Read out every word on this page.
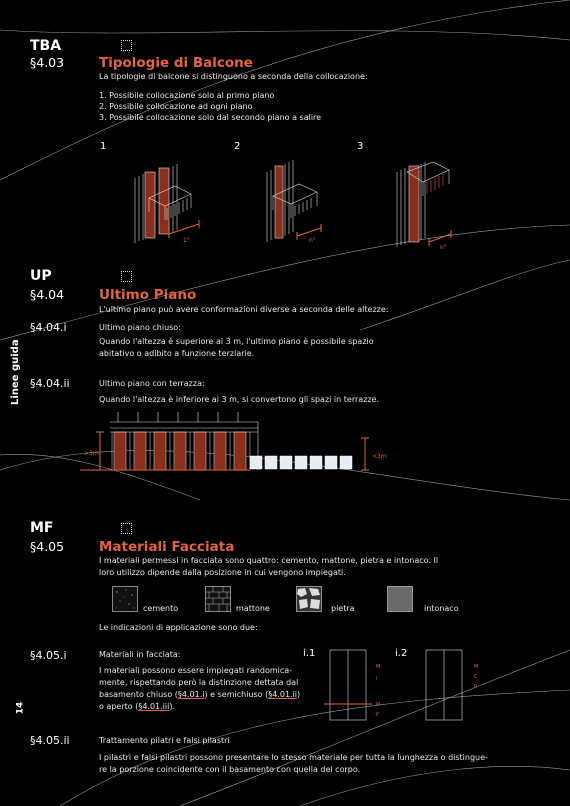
Linee guida
14
TBA
§4.03	Tipologie di Balcone
La tipologie di balcone si distinguono a seconda della collocazione:
1. Possibile collocazione solo al primo piano
2. Possibile collocazione ad ogni piano
3. Possibile collocazione solo dal secondo piano a salire
1	2	3
1°	n°
n°
UP
§4.04	Ultimo Piano
L'ultimo piano può avere conformazioni diverse a seconda delle altezze:
§4.04.i	Ultimo piano chiuso:
Quando l'altezza è superiore ai 3 m, l'ultimo piano è possibile spazio
abitativo o adibito a funzione terziarie.
§4.04.ii	Ultimo piano con terrazza:
Quando l'altezza è inferiore ai 3 m, si convertono gli spazi in terrazze.
>3m	<3m
MF
§4.05	Materiali Facciata
I materiali permessi in facciata sono quattro: cemento, mattone, pietra e intonaco. Il
loro utilizzo dipende dalla posizione in cui vengono impiegati.
cemento	mattone	pietra	intonaco
Le indicazioni di applicazione sono due:
§4.05.i	Materiali in facciata:
I materiali possono essere impiegati randomica-
mente, rispettando però la distinzione dettata dal
basamento chiuso (§4.01.i) e semichiuso (§4.01.ii)
o aperto (§4.01.iii).
i.1	i.2
M
I
M
P
M
C
P
§4.05.ii	Trattamento pilatri e falsi pilastri
I pilastri e falsi pilastri possono presentare lo stesso materiale per tutta la lunghezza o distingue-
re la porzione coincidente con il basamento con quella del corpo.
